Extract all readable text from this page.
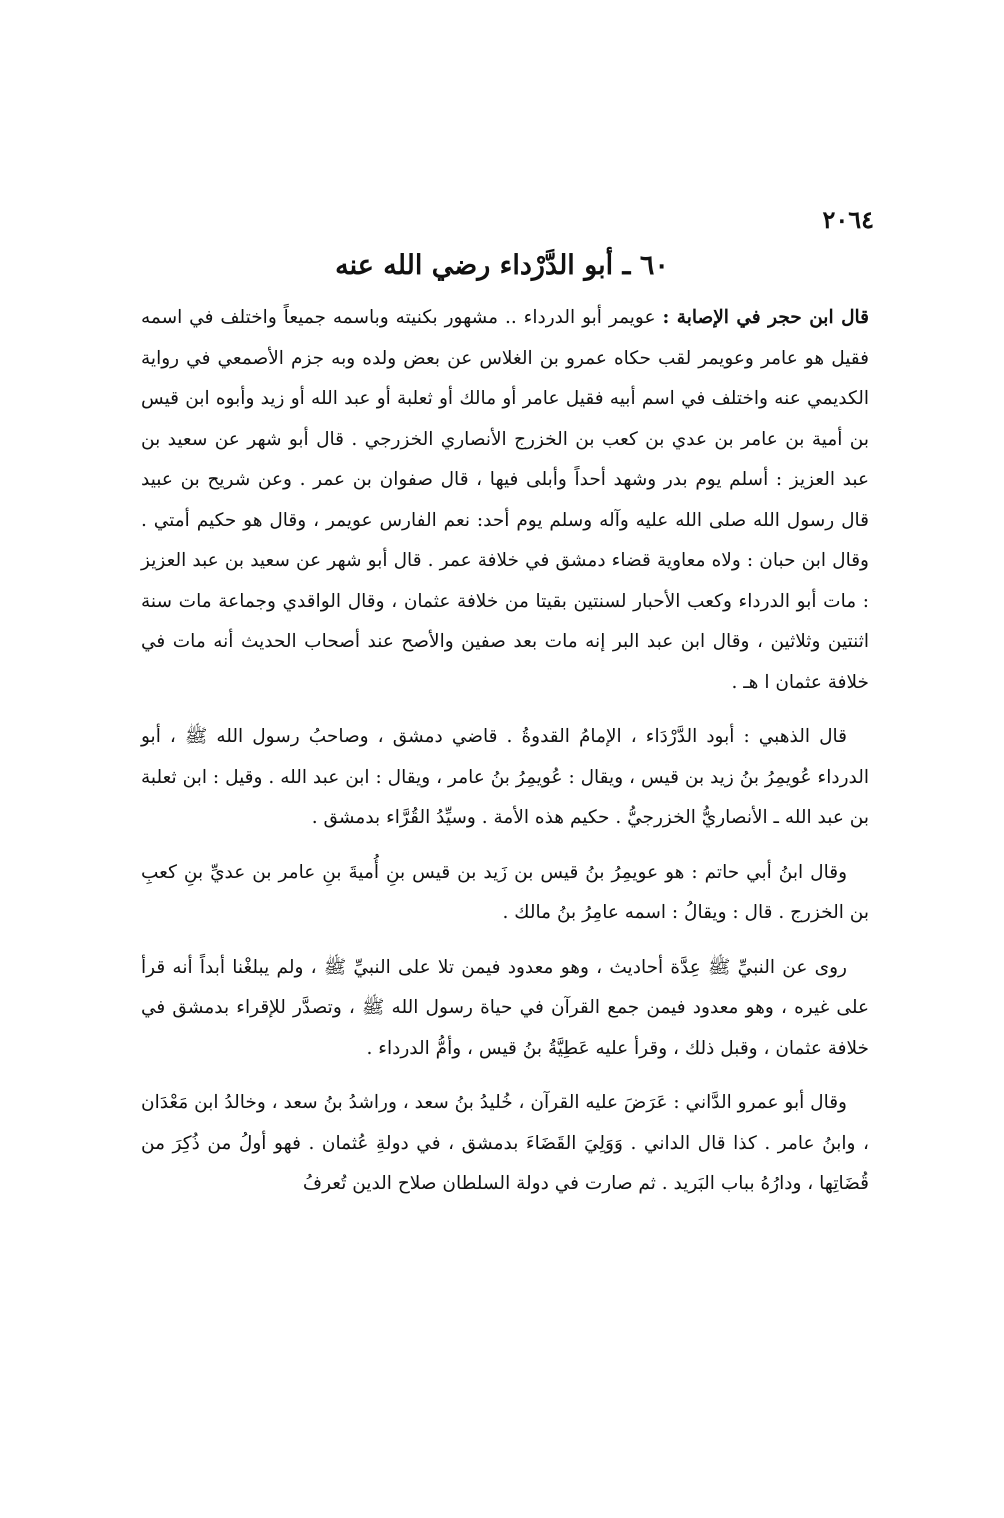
٢٠٦٤
٦٠ ـ أبو الدَّرْداء رضي الله عنه

قال ابن حجر في الإصابة : عويمر أبو الدرداء .. مشهور بكنيته وباسمه جميعاً واختلف في اسمه فقيل هو عامر وعويمر لقب حكاه عمرو بن الغلاس عن بعض ولده وبه جزم الأصمعي في رواية الكديمي عنه واختلف في اسم أبيه فقيل عامر أو مالك أو ثعلبة أو عبد الله أو زيد وأبوه ابن قيس بن أمية بن عامر بن عدي بن كعب بن الخزرج الأنصاري الخزرجي . قال أبو شهر عن سعيد بن عبد العزيز : أسلم يوم بدر وشهد أحداً وأبلى فيها ، قال صفوان بن عمر . وعن شريح بن عبيد قال رسول الله صلى الله عليه وآله وسلم يوم أحد: نعم الفارس عويمر ، وقال هو حكيم أمتي . وقال ابن حبان : ولاه معاوية قضاء دمشق في خلافة عمر . قال أبو شهر عن سعيد بن عبد العزيز : مات أبو الدرداء وكعب الأحبار لسنتين بقيتا من خلافة عثمان ، وقال الواقدي وجماعة مات سنة اثنتين وثلاثين ، وقال ابن عبد البر إنه مات بعد صفين والأصح عند أصحاب الحديث أنه مات في خلافة عثمان ا هـ .

قال الذهبي : أبود الدَّرْدَاء ، الإمامُ القدوةُ . قاضي دمشق ، وصاحبُ رسول الله ﷺ ، أبو الدرداء عُويمِرُ بنُ زيد بن قيس ، ويقال : عُويمِرُ بنُ عامر ، ويقال : ابن عبد الله . وقيل : ابن ثعلبة بن عبد الله ـ الأنصاريُّ الخزرجيُّ . حكيم هذه الأمة . وسيِّدُ القُرَّاء بدمشق .

وقال ابنُ أبي حاتم : هو عويمِرُ بنُ قيس بن زَيد بن قيس بنِ أُميةَ بنِ عامر بن عديِّ بنِ كعبِ بن الخزرج . قال : ويقالُ : اسمه عامِرُ بنُ مالك .

روى عن النبيِّ ﷺ عِدَّة أحاديث ، وهو معدود فيمن تلا على النبيِّ ﷺ ، ولم يبلغْنا أبداً أنه قرأ على غيره ، وهو معدود فيمن جمع القرآن في حياة رسول الله ﷺ ، وتصدَّر للإقراء بدمشق في خلافة عثمان ، وقبل ذلك ، وقرأ عليه عَطِيَّةُ بنُ قيس ، وأمُّ الدرداء .

وقال أبو عمرو الدَّاني : عَرَضَ عليه القرآن ، خُليدُ بنُ سعد ، وراشدُ بنُ سعد ، وخالدُ ابن مَعْدَان ، وابنُ عامر . كذا قال الداني . وَوَلِيَ القَضَاءَ بدمشق ، في دولةِ عُثمان . فهو أولُ من ذُكِرَ من قُضَاتِها ، ودارُهُ بباب البَريد . ثم صارت في دولة السلطان صلاح الدين تُعرفُ
